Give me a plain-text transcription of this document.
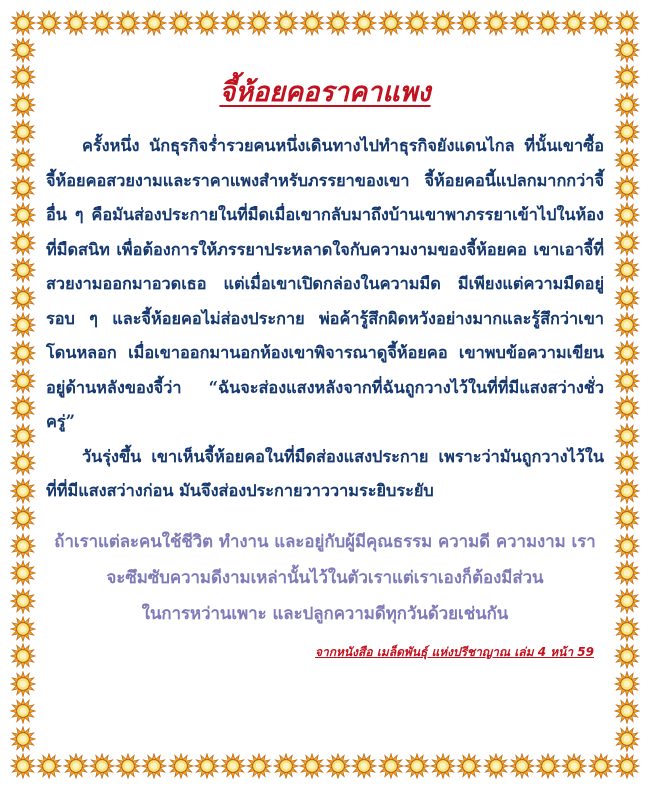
จี้ห้อยคอราคาแพง

ครั้งหนึ่ง นักธุรกิจร่ำรวยคนหนึ่งเดินทางไปทำธุรกิจยังแดนไกล ที่นั้นเขาซื้อจี้ห้อยคอสวยงามและราคาแพงสำหรับภรรยาของเขา จี้ห้อยคอนี้แปลกมากกว่าจี้อื่น ๆ คือมันส่องประกายในที่มืดเมื่อเขากลับมาถึงบ้านเขาพาภรรยาเข้าไปในห้องที่มืดสนิท เพื่อต้องการให้ภรรยาประหลาดใจกับความงามของจี้ห้อยคอ เขาเอาจี้ที่สวยงามออกมาอวดเธอ แต่เมื่อเขาเปิดกล่องในความมืด มีเพียงแต่ความมืดอยู่รอบ ๆ และจี้ห้อยคอไม่ส่องประกาย พ่อค้ารู้สึกผิดหวังอย่างมากและรู้สึกว่าเขาโดนหลอก เมื่อเขาออกมานอกห้องเขาพิจารณาดูจี้ห้อยคอ เขาพบข้อความเขียนอยู่ด้านหลังของจี้ว่า “ฉันจะส่องแสงหลังจากที่ฉันถูกวางไว้ในที่ที่มีแสงสว่างชั่วครู่”

วันรุ่งขึ้น เขาเห็นจี้ห้อยคอในที่มืดส่องแสงประกาย เพราะว่ามันถูกวางไว้ในที่ที่มีแสงสว่างก่อน มันจึงส่องประกายวาววามระยิบระยับ

ถ้าเราแต่ละคนใช้ชีวิต ทำงาน และอยู่กับผู้มีคุณธรรม ความดี ความงาม เราจะซึมซับความดีงามเหล่านั้นไว้ในตัวเราแต่เราเองก็ต้องมีส่วน

ในการหว่านเพาะ และปลูกความดีทุกวันด้วยเช่นกัน

จากหนังสือ เมล็ดพันธุ์ แห่งปรีชาญาณ เล่ม 4 หน้า 59
